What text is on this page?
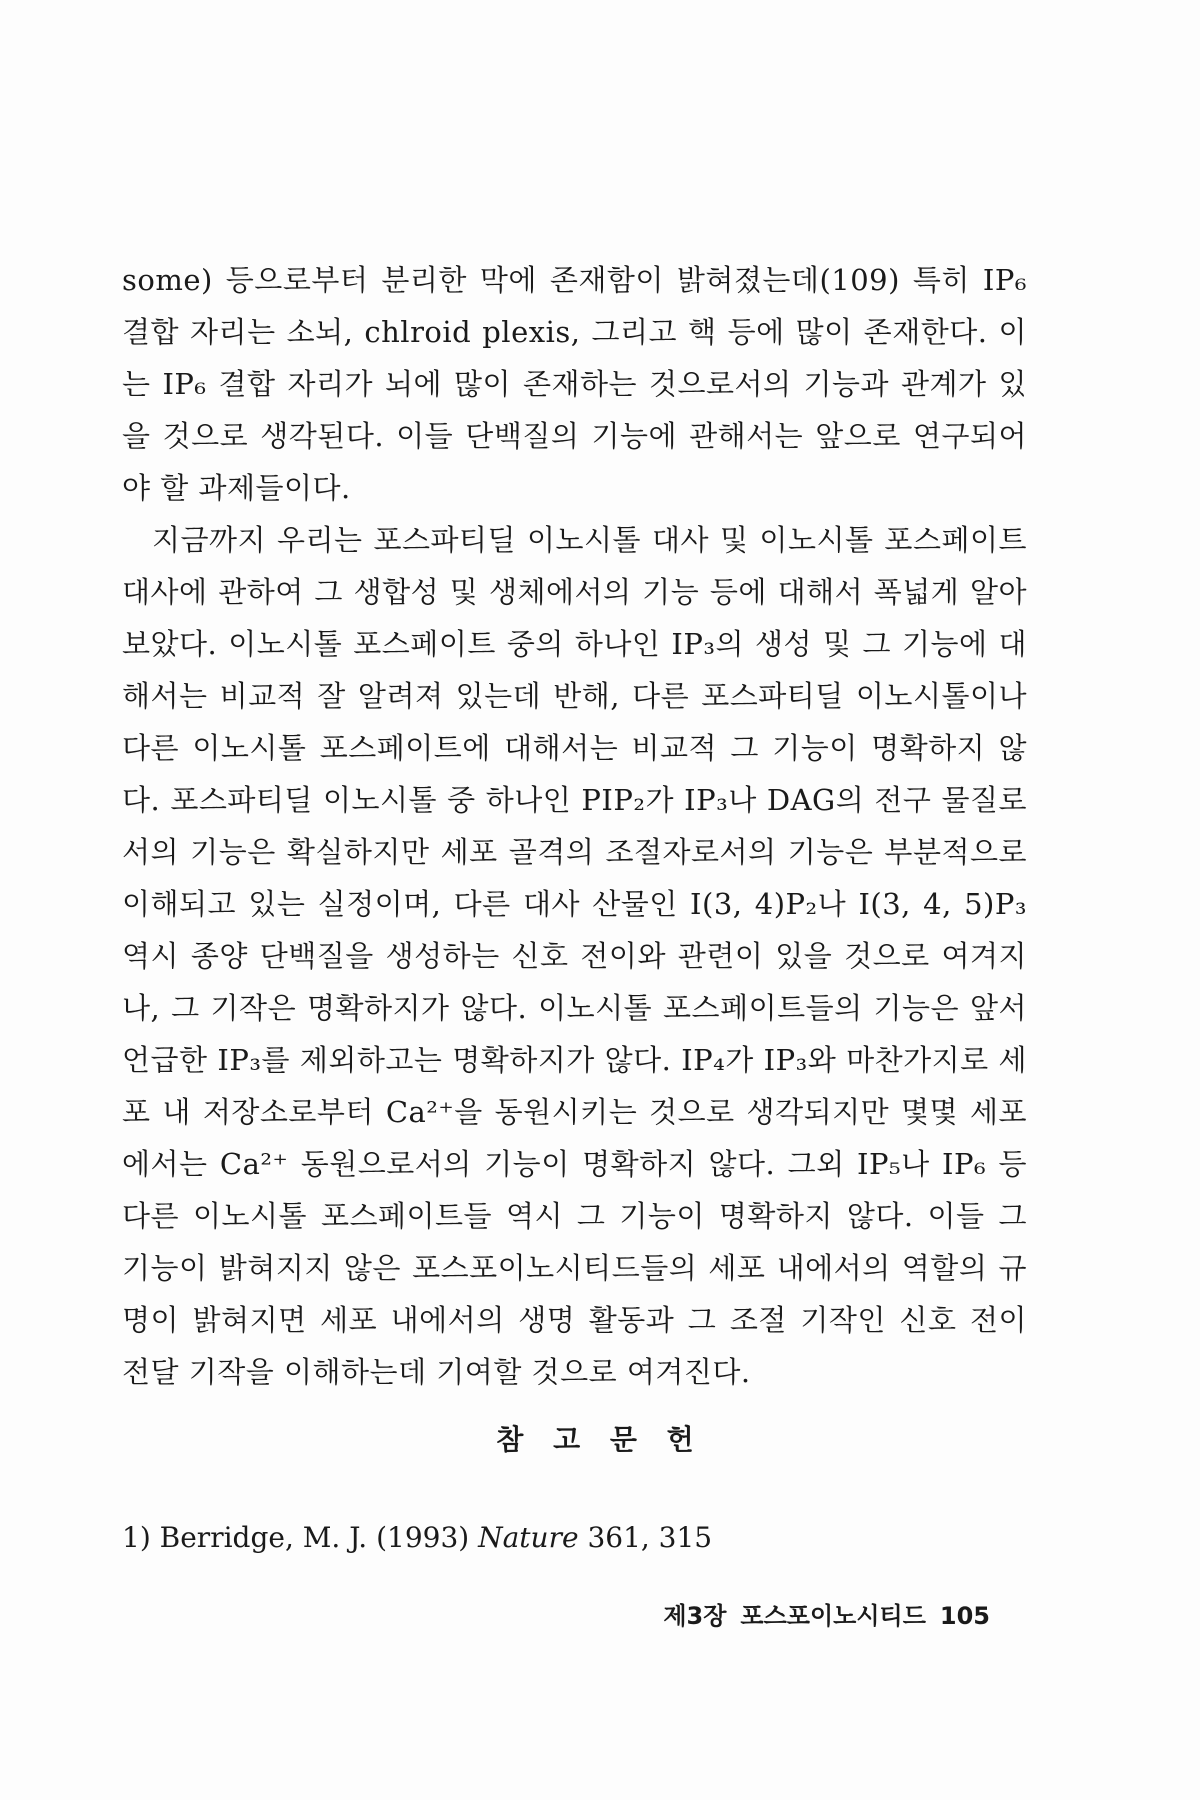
some) 등으로부터 분리한 막에 존재함이 밝혀졌는데(109) 특히 IP₆ 결합 자리는 소뇌, chlroid plexis, 그리고 핵 등에 많이 존재한다. 이는 IP₆ 결합 자리가 뇌에 많이 존재하는 것으로서의 기능과 관계가 있을 것으로 생각된다. 이들 단백질의 기능에 관해서는 앞으로 연구되어야 할 과제들이다.

지금까지 우리는 포스파티딜 이노시톨 대사 및 이노시톨 포스페이트 대사에 관하여 그 생합성 및 생체에서의 기능 등에 대해서 폭넓게 알아보았다. 이노시톨 포스페이트 중의 하나인 IP₃의 생성 및 그 기능에 대해서는 비교적 잘 알려져 있는데 반해, 다른 포스파티딜 이노시톨이나 다른 이노시톨 포스페이트에 대해서는 비교적 그 기능이 명확하지 않다. 포스파티딜 이노시톨 중 하나인 PIP₂가 IP₃나 DAG의 전구 물질로서의 기능은 확실하지만 세포 골격의 조절자로서의 기능은 부분적으로 이해되고 있는 실정이며, 다른 대사 산물인 I(3, 4)P₂나 I(3, 4, 5)P₃ 역시 종양 단백질을 생성하는 신호 전이와 관련이 있을 것으로 여겨지나, 그 기작은 명확하지가 않다. 이노시톨 포스페이트들의 기능은 앞서 언급한 IP₃를 제외하고는 명확하지가 않다. IP₄가 IP₃와 마찬가지로 세포 내 저장소로부터 Ca²⁺을 동원시키는 것으로 생각되지만 몇몇 세포에서는 Ca²⁺ 동원으로서의 기능이 명확하지 않다. 그외 IP₅나 IP₆ 등 다른 이노시톨 포스페이트들 역시 그 기능이 명확하지 않다. 이들 그 기능이 밝혀지지 않은 포스포이노시티드들의 세포 내에서의 역할의 규명이 밝혀지면 세포 내에서의 생명 활동과 그 조절 기작인 신호 전이 전달 기작을 이해하는데 기여할 것으로 여겨진다.

참 고 문 헌

1) Berridge, M. J. (1993) Nature 361, 315

제3장 포스포이노시티드 105
